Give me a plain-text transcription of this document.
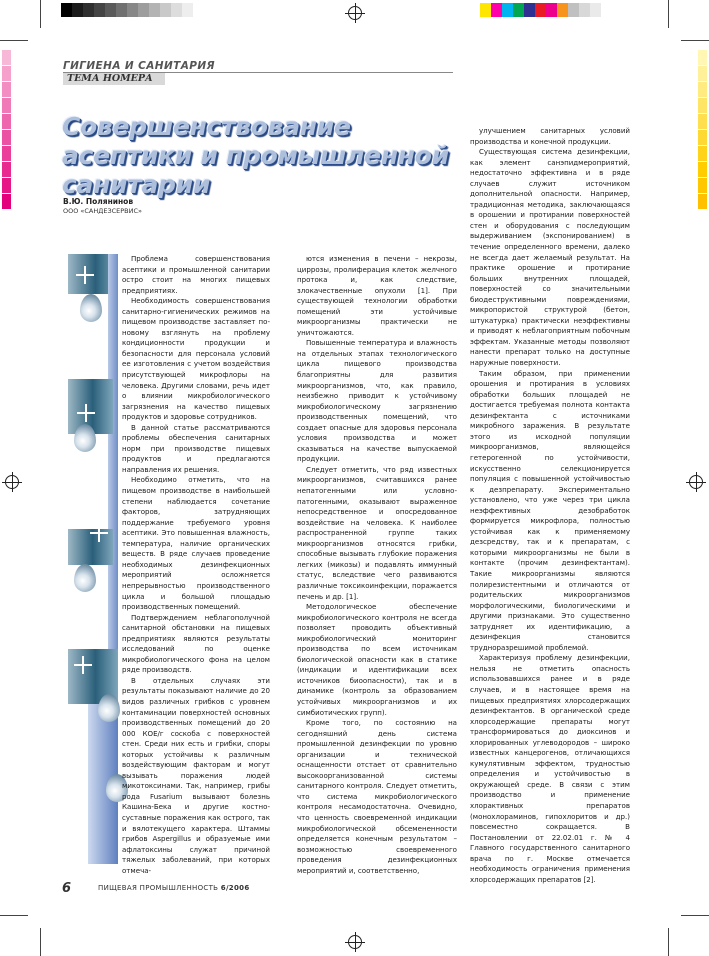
ГИГИЕНА И САНИТАРИЯ
ТЕМА НОМЕРА
Совершенствование асептики и промышленной санитарии
В.Ю. Полянинов
ООО «САНДЕЗСЕРВИС»

Проблема совершенствования асептики и промышленной санитарии остро стоит на многих пищевых предприятиях.

Необходимость совершенствования санитарно-гигиенических режимов на пищевом производстве заставляет по-новому взглянуть на проблему кондиционности продукции и безопасности для персонала условий ее изготовления с учетом воздействия присутствующей микрофлоры на человека. Другими словами, речь идет о влиянии микробиологического загрязнения на качество пищевых продуктов и здоровье сотрудников.

В данной статье рассматриваются проблемы обеспечения санитарных норм при производстве пищевых продуктов и предлагаются направления их решения.

Необходимо отметить, что на пищевом производстве в наибольшей степени наблюдается сочетание факторов, затрудняющих поддержание требуемого уровня асептики. Это повышенная влажность, температура, наличие органических веществ. В ряде случаев проведение необходимых дезинфекционных мероприятий осложняется непрерывностью производственного цикла и большой площадью производственных помещений.

Подтверждением неблагополучной санитарной обстановки на пищевых предприятиях являются результаты исследований по оценке микробиологического фона на целом ряде производств.

В отдельных случаях эти результаты показывают наличие до 20 видов различных грибков с уровнем контаминации поверхностей основных производственных помещений до 20 000 КОЕ/г соскоба с поверхностей стен. Среди них есть и грибки, споры которых устойчивы к различным воздействующим факторам и могут вызывать поражения людей микотоксинами. Так, например, грибы рода Fusarium вызывают болезнь Кашина-Бека и другие костно-суставные поражения как острого, так и вялотекущего характера. Штаммы грибов Aspergillus и образуемые ими афлатоксины служат причиной тяжелых заболеваний, при которых отмеча-

ются изменения в печени – некрозы, циррозы, пролиферация клеток желчного протока и, как следствие, злокачественные опухоли [1]. При существующей технологии обработки помещений эти устойчивые микроорганизмы практически не уничтожаются.

Повышенные температура и влажность на отдельных этапах технологического цикла пищевого производства благоприятны для развития микроорганизмов, что, как правило, неизбежно приводит к устойчивому микробиологическому загрязнению производственных помещений, что создает опасные для здоровья персонала условия производства и может сказываться на качестве выпускаемой продукции.

Следует отметить, что ряд известных микроорганизмов, считавшихся ранее непатогенными или условно-патогенными, оказывают выраженное непосредственное и опосредованное воздействие на человека. К наиболее распространенной группе таких микроорганизмов относятся грибки, способные вызывать глубокие поражения легких (микозы) и подавлять иммунный статус, вследствие чего развиваются различные токсикоинфекции, поражается печень и др. [1].

Методологическое обеспечение микробиологического контроля не всегда позволяет проводить объективный микробиологический мониторинг производства по всем источникам биологической опасности как в статике (индикации и идентификации всех источников биоопасности), так и в динамике (контроль за образованием устойчивых микроорганизмов и их симбиотических групп).

Кроме того, по состоянию на сегодняшний день система промышленной дезинфекции по уровню организации и технической оснащенности отстает от сравнительно высокоорганизованной системы санитарного контроля. Следует отметить, что система микробиологического контроля несамодостаточна. Очевидно, что ценность своевременной индикации микробиологической обсемененности определяется конечным результатом – возможностью своевременного проведения дезинфекционных мероприятий и, соответственно,

улучшением санитарных условий производства и конечной продукции.

Существующая система дезинфекции, как элемент санэпидмероприятий, недостаточно эффективна и в ряде случаев служит источником дополнительной опасности. Например, традиционная методика, заключающаяся в орошении и протирании поверхностей стен и оборудования с последующим выдерживанием (экспонированием) в течение определенного времени, далеко не всегда дает желаемый результат. На практике орошение и протирание больших внутренних площадей, поверхностей со значительными биодеструктивными повреждениями, микропористой структурой (бетон, штукатурка) практически неэффективны и приводят к неблагоприятным побочным эффектам. Указанные методы позволяют нанести препарат только на доступные наружные поверхности.

Таким образом, при применении орошения и протирания в условиях обработки больших площадей не достигается требуемая полнота контакта дезинфектанта с источниками микробного заражения. В результате этого из исходной популяции микроорганизмов, являющейся гетерогенной по устойчивости, искусственно селекционируется популяция с повышенной устойчивостью к дезпрепарату. Экспериментально установлено, что уже через три цикла неэффективных дезобработок формируется микрофлора, полностью устойчивая как к применяемому дезсредству, так и к препаратам, с которыми микроорганизмы не были в контакте (прочим дезинфектантам). Такие микроорганизмы являются полирезистентными и отличаются от родительских микроорганизмов морфологическими, биологическими и другими признаками. Это существенно затрудняет их идентификацию, а дезинфекция становится трудноразрешимой проблемой.

Характеризуя проблему дезинфекции, нельзя не отметить опасность использовавшихся ранее и в ряде случаев, и в настоящее время на пищевых предприятиях хлорсодержащих дезинфектантов. В органической среде хлорсодержащие препараты могут трансформироваться до диоксинов и хлорированных углеводородов – широко известных канцерогенов, отличающихся кумулятивным эффектом, трудностью определения и устойчивостью в окружающей среде. В связи с этим производство и применение хлорактивных препаратов (монохлораминов, гипохлоритов и др.) повсеместно сокращается. В Постановлении от 22.02.01 г. № 4 Главного государственного санитарного врача по г. Москве отмечается необходимость ограничения применения хлорсодержащих препаратов [2].

6	ПИЩЕВАЯ ПРОМЫШЛЕННОСТЬ 6/2006
